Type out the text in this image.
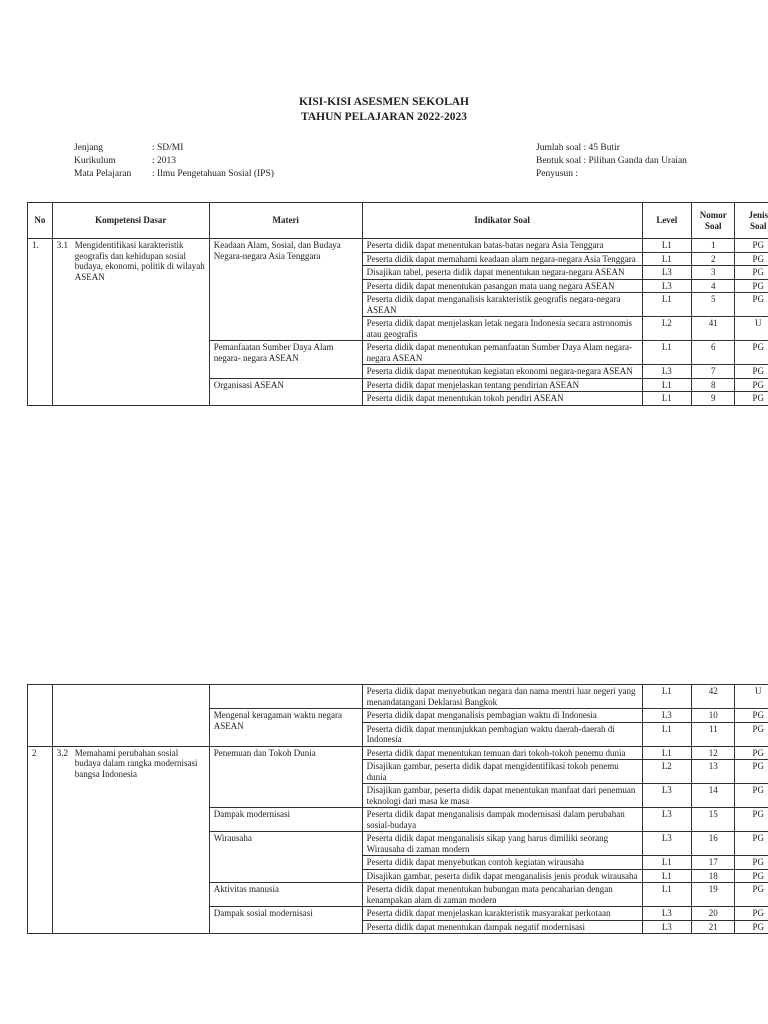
KISI-KISI ASESMEN SEKOLAH
TAHUN PELAJARAN 2022-2023
Jenjang	: SD/MI
Kurikulum	: 2013
Mata Pelajaran : Ilmu Pengetahuan Sosial (IPS)
Jumlah soal : 45 Butir
Bentuk soal : Pilihan Ganda dan Uraian
Penyusun :
No	Kompetensi Dasar	Materi	Indikator Soal	Level	Nomor Soal	Jenis Soal
1.	3.1 Mengidentifikasi karakteristik geografis dan kehidupan sosial budaya, ekonomi, politik di wilayah ASEAN	Keadaan Alam, Sosial, dan Budaya Negara-negara Asia Tenggara	Peserta didik dapat menentukan batas-batas negara Asia Tenggara	L1	1	PG
			Peserta didik dapat memahami keadaan alam negara-negara Asia Tenggara	L1	2	PG
			Disajikan tabel, peserta didik dapat menentukan negara-negara ASEAN	L3	3	PG
			Peserta didik dapat menentukan pasangan mata uang negara ASEAN	L3	4	PG
			Peserta didik dapat menganalisis karakteristik geografis negara-negara ASEAN	L1	5	PG
			Peserta didik dapat menjelaskan letak negara Indonesia secara astronomis atau geografis	L2	41	U
		Pemanfaatan Sumber Daya Alam negara- negara ASEAN	Peserta didik dapat menentukan pemanfaatan Sumber Daya Alam negara- negara ASEAN	L1	6	PG
			Peserta didik dapat menentukan kegiatan ekonomi negara-negara ASEAN	L3	7	PG
		Organisasi ASEAN	Peserta didik dapat menjelaskan tentang pendirian ASEAN	L1	8	PG
			Peserta didik dapat menentukan tokoh pendiri ASEAN	L1	9	PG
			Peserta didik dapat menyebutkan negara dan nama mentri luar negeri yang menandatangani Deklarasi Bangkok	L1	42	U
		Mengenal keragaman waktu negara ASEAN	Peserta didik dapat menganalisis pembagian waktu di Indonesia	L3	10	PG
			Peserta didik dapat menunjukkan pembagian waktu daerah-daerah di Indonesia	L1	11	PG
2	3.2 Memahami perubahan sosial budaya dalam rangka modernisasi bangsa Indonesia	Penemuan dan Tokoh Dunia	Peserta didik dapat menentukan temuan dari tokoh-tokoh penemu dunia	L1	12	PG
			Disajikan gambar, peserta didik dapat mengidentifikasi tokoh penemu dunia	L2	13	PG
			Disajikan gambar, peserta didik dapat menentukan manfaat dari penemuan teknologi dari masa ke masa	L3	14	PG
		Dampak modernisasi	Peserta didik dapat menganalisis dampak modernisasi dalam perubahan sosial-budaya	L3	15	PG
		Wirausaha	Peserta didik dapat menganalisis sikap yang harus dimiliki seorang Wirausaha di zaman modern	L3	16	PG
			Peserta didik dapat menyebutkan contoh kegiatan wirausaha	L1	17	PG
			Disajikan gambar, peserta didik dapat menganalisis jenis produk wirausaha	L1	18	PG
		Aktivitas manusia	Peserta didik dapat menentukan hubungan mata pencaharian dengan kenampakan alam di zaman modern	L1	19	PG
		Dampak sosial modernisasi	Peserta didik dapat menjelaskan karakteristik masyarakat perkotaan	L3	20	PG
			Peserta didik dapat menentukan dampak negatif modernisasi	L3	21	PG
